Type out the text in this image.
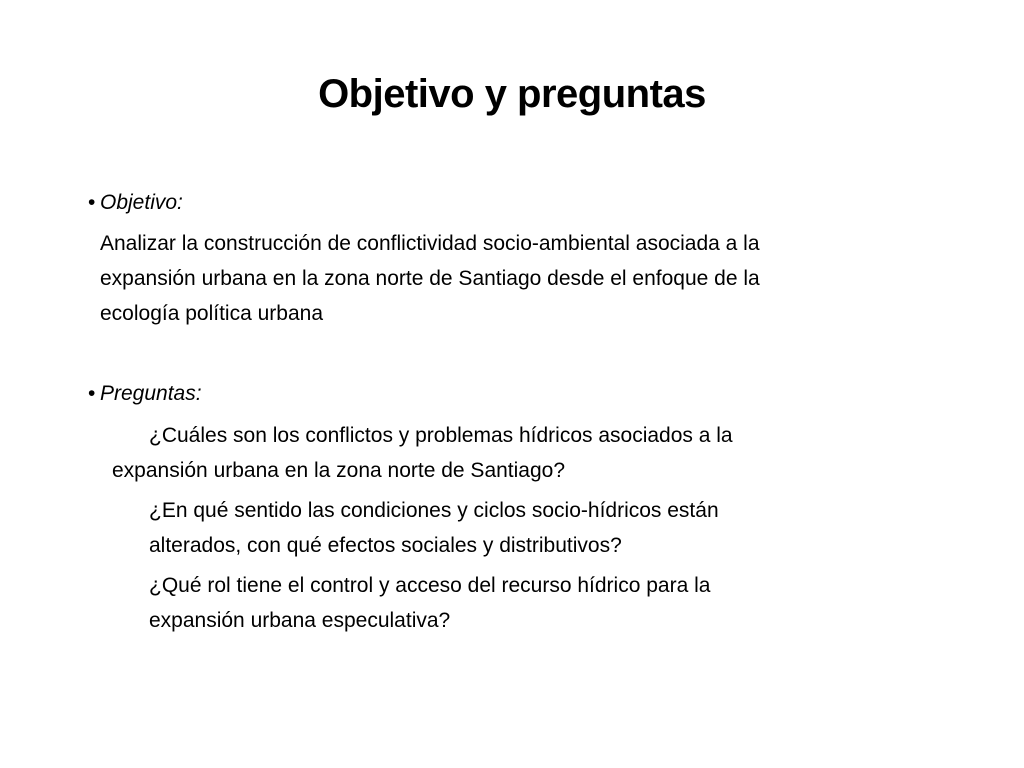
Objetivo y preguntas
• Objetivo:
Analizar la construcción de conflictividad socio-ambiental asociada a la
expansión urbana en la zona norte de Santiago desde el enfoque de la
ecología política urbana
• Preguntas:
¿Cuáles son los conflictos y problemas hídricos asociados a la
expansión urbana en la zona norte de Santiago?
¿En qué sentido las condiciones y ciclos socio-hídricos están
alterados, con qué efectos sociales y distributivos?
¿Qué rol tiene el control y acceso del recurso hídrico para la
expansión urbana especulativa?
